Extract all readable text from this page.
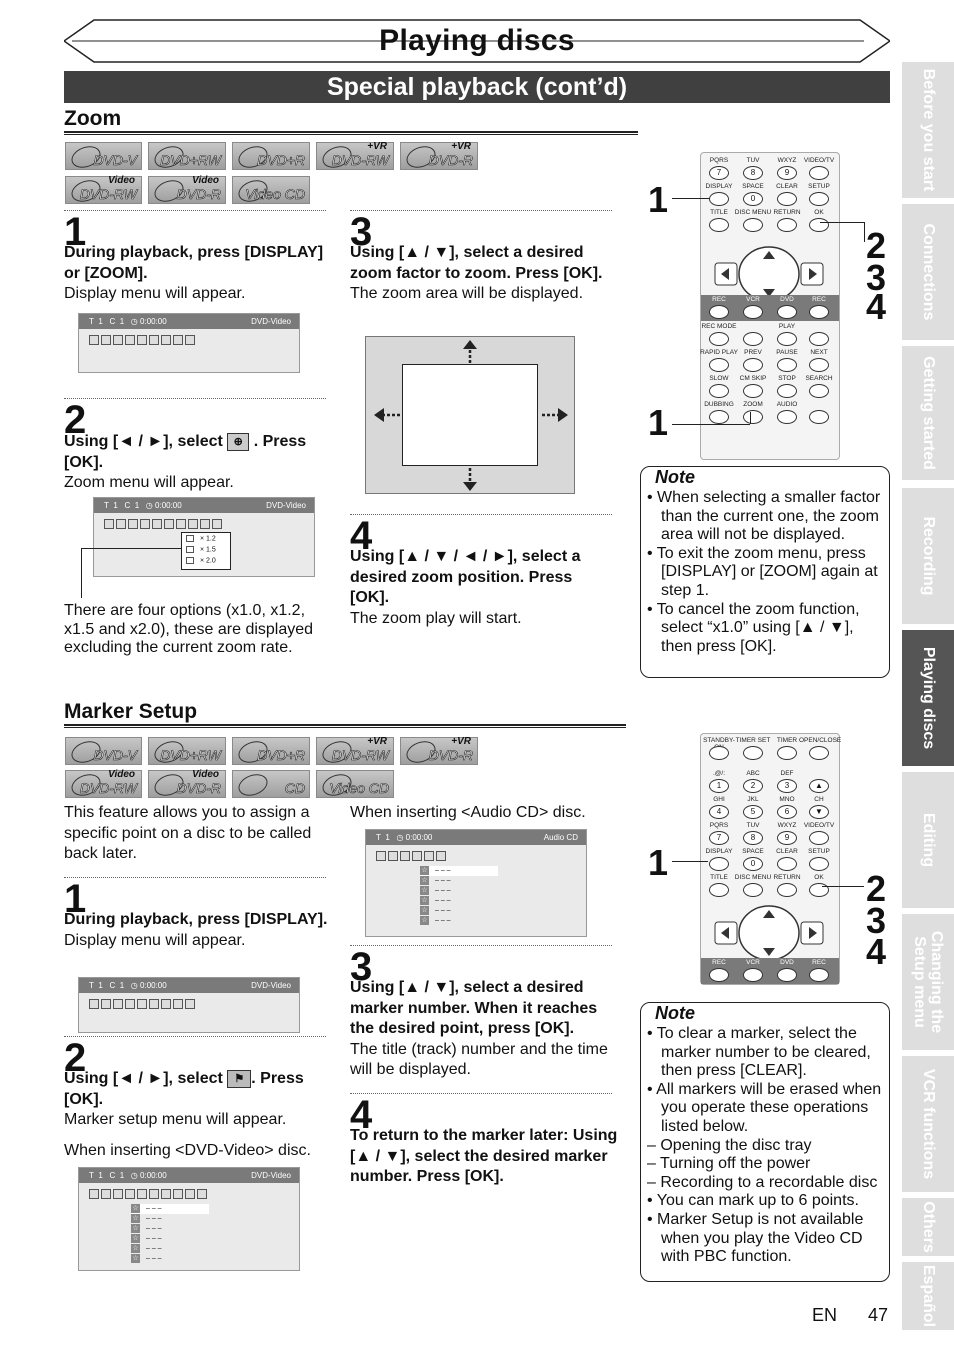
Playing discs
Special playback (cont’d)
Zoom
DVD-V DVD+RW	DVD+R
+VR
DVD-RW
+VR
DVD-R
Video
DVD-RW
Video
DVD-R Video CD
1
During playback, press [DISPLAY] or [ZOOM].
Display menu will appear.
T  1   C  1   ◷ 0:00:00	DVD-Video
2
Using [◄ / ►], select ⊕ . Press [OK].
Zoom menu will appear.
T  1   C  1   ◷ 0:00:00	DVD-Video
× 1.2
× 1.5
× 2.0
There are four options (x1.0, x1.2, x1.5 and x2.0), these are displayed excluding the current zoom rate.
3
Using [▲ / ▼], select a desired zoom factor to zoom. Press [OK].
The zoom area will be displayed.
4
Using [▲ / ▼ / ◄ / ►], select a desired zoom position. Press [OK].
The zoom play will start.
PQRS
7
TUV
8
WXYZ
9
VIDEO/TV
DISPLAY	SPACE
0
CLEAR	SETUP
TITLE	DISC MENU RETURN	OK
REC	VCR	DVD	REC
REC MODE	PLAY
RAPID PLAY PREV	PAUSE	NEXT
SLOW	CM SKIP	STOP	SEARCH
DUBBING	ZOOM	AUDIO
1
2
3
4
1
Note
• When selecting a smaller factor than the current one, the zoom area will not be displayed.
• To exit the zoom menu, press [DISPLAY] or [ZOOM] again at step 1.
• To cancel the zoom function, select “x1.0” using [▲ / ▼], then press [OK].
Marker Setup
DVD-V DVD+RW	DVD+R
+VR
DVD-RW
+VR
DVD-R
Video
DVD-RW
Video
DVD-R	CD Video CD
This feature allows you to assign a specific point on a disc to be called back later.
1
During playback, press [DISPLAY].
Display menu will appear.
T  1   C  1   ◷ 0:00:00	DVD-Video
2
Using [◄ / ►], select ⚑ . Press [OK].
Marker setup menu will appear.
When inserting <DVD-Video> disc.
T  1   C  1   ◷ 0:00:00	DVD-Video
☆ – – –
☆ – – –
☆ – – –
☆ – – –
☆ – – –
☆ – – –
When inserting <Audio CD> disc.
T  1   ◷ 0:00:00	Audio CD
☆ – – –
☆ – – –
☆ – – –
☆ – – –
☆ – – –
☆ – – –
3
Using [▲ / ▼], select a desired marker number. When it reaches the desired point, press [OK].
The title (track) number and the time will be displayed.
4
To return to the marker later: Using [▲ / ▼], select the desired marker number. Press [OK].
STANDBY- TIMER SET	TIMER OPEN/CLOSE
.@/:
1
ABC
2
DEF
3	▲
GHI
4
JKL
5
MNO
6
CH
▼
PQRS
7
TUV
8
WXYZ
9
VIDEO/TV
DISPLAY	SPACE
0
CLEAR	SETUP
TITLE	DISC MENU RETURN	OK
REC	VCR	DVD	REC
1
2
3
4
Note
• To clear a marker, select the marker number to be cleared, then press [CLEAR].
• All markers will be erased when you operate these operations listed below.
– Opening the disc tray
– Turning off the power
– Recording to a recordable disc
• You can mark up to 6 points.
• Marker Setup is not available when you play the Video CD with PBC function.
Before you start
Connections
Getting started
Recording
Playing discs
Editing
Changing the Setup menu
VCR functions
Others
Español
EN 47
